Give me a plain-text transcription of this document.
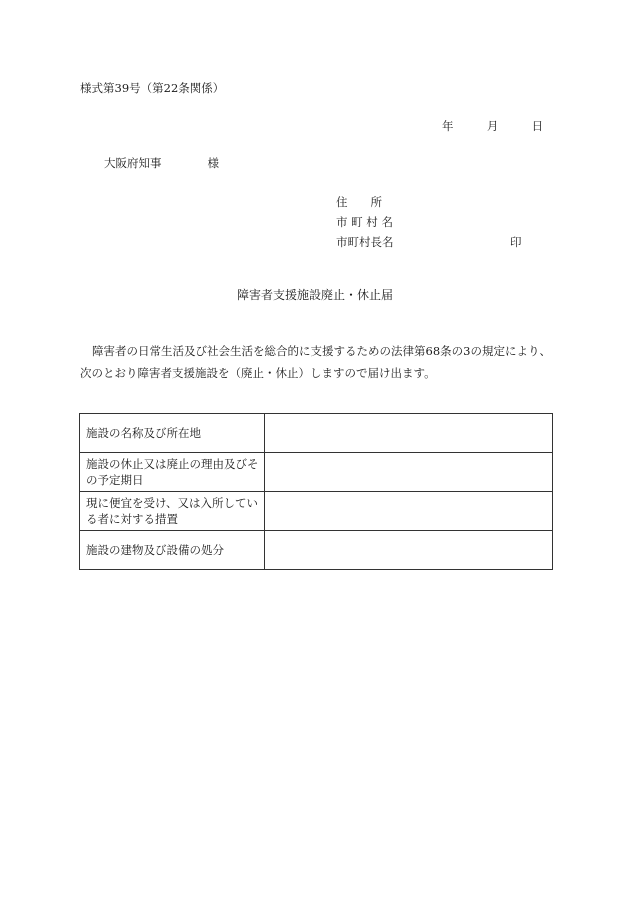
様式第39号（第22条関係）
年	月	日
大阪府知事	様
住　　所
市 町 村 名
市町村長名	印
障害者支援施設廃止・休止届

障害者の日常生活及び社会生活を総合的に支援するための法律第68条の3の規定により、

次のとおり障害者支援施設を（廃止・休止）しますので届け出ます。

施設の名称及び所在地	
施設の休止又は廃止の理由及びその予定期日	
現に便宜を受け、又は入所している者に対する措置	
施設の建物及び設備の処分	
